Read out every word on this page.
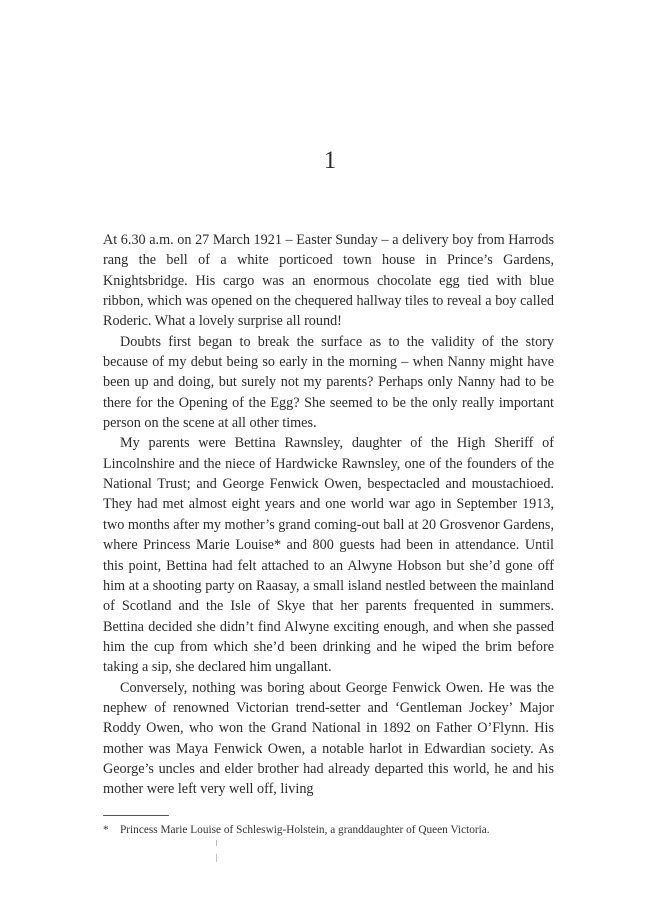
1

At 6.30 a.m. on 27 March 1921 – Easter Sunday – a delivery boy from Harrods rang the bell of a white porticoed town house in Prince’s Gardens, Knightsbridge. His cargo was an enormous chocolate egg tied with blue ribbon, which was opened on the chequered hallway tiles to reveal a boy called Roderic. What a lovely surprise all round!

Doubts first began to break the surface as to the validity of the story because of my debut being so early in the morning – when Nanny might have been up and doing, but surely not my parents? Perhaps only Nanny had to be there for the Opening of the Egg? She seemed to be the only really important person on the scene at all other times.

My parents were Bettina Rawnsley, daughter of the High Sheriff of Lincolnshire and the niece of Hardwicke Rawnsley, one of the founders of the National Trust; and George Fenwick Owen, bespectacled and moustachioed. They had met almost eight years and one world war ago in September 1913, two months after my mother’s grand coming-out ball at 20 Grosvenor Gardens, where Princess Marie Louise* and 800 guests had been in attendance. Until this point, Bettina had felt attached to an Alwyne Hobson but she’d gone off him at a shooting party on Raasay, a small island nestled between the mainland of Scotland and the Isle of Skye that her parents frequented in summers. Bettina decided she didn’t find Alwyne exciting enough, and when she passed him the cup from which she’d been drinking and he wiped the brim before taking a sip, she declared him ungallant.

Conversely, nothing was boring about George Fenwick Owen. He was the nephew of renowned Victorian trend-setter and ‘Gentleman Jockey’ Major Roddy Owen, who won the Grand National in 1892 on Father O’Flynn. His mother was Maya Fenwick Owen, a notable harlot in Edwardian society. As George’s uncles and elder brother had already departed this world, he and his mother were left very well off, living

* Princess Marie Louise of Schleswig-Holstein, a granddaughter of Queen Victoria.
